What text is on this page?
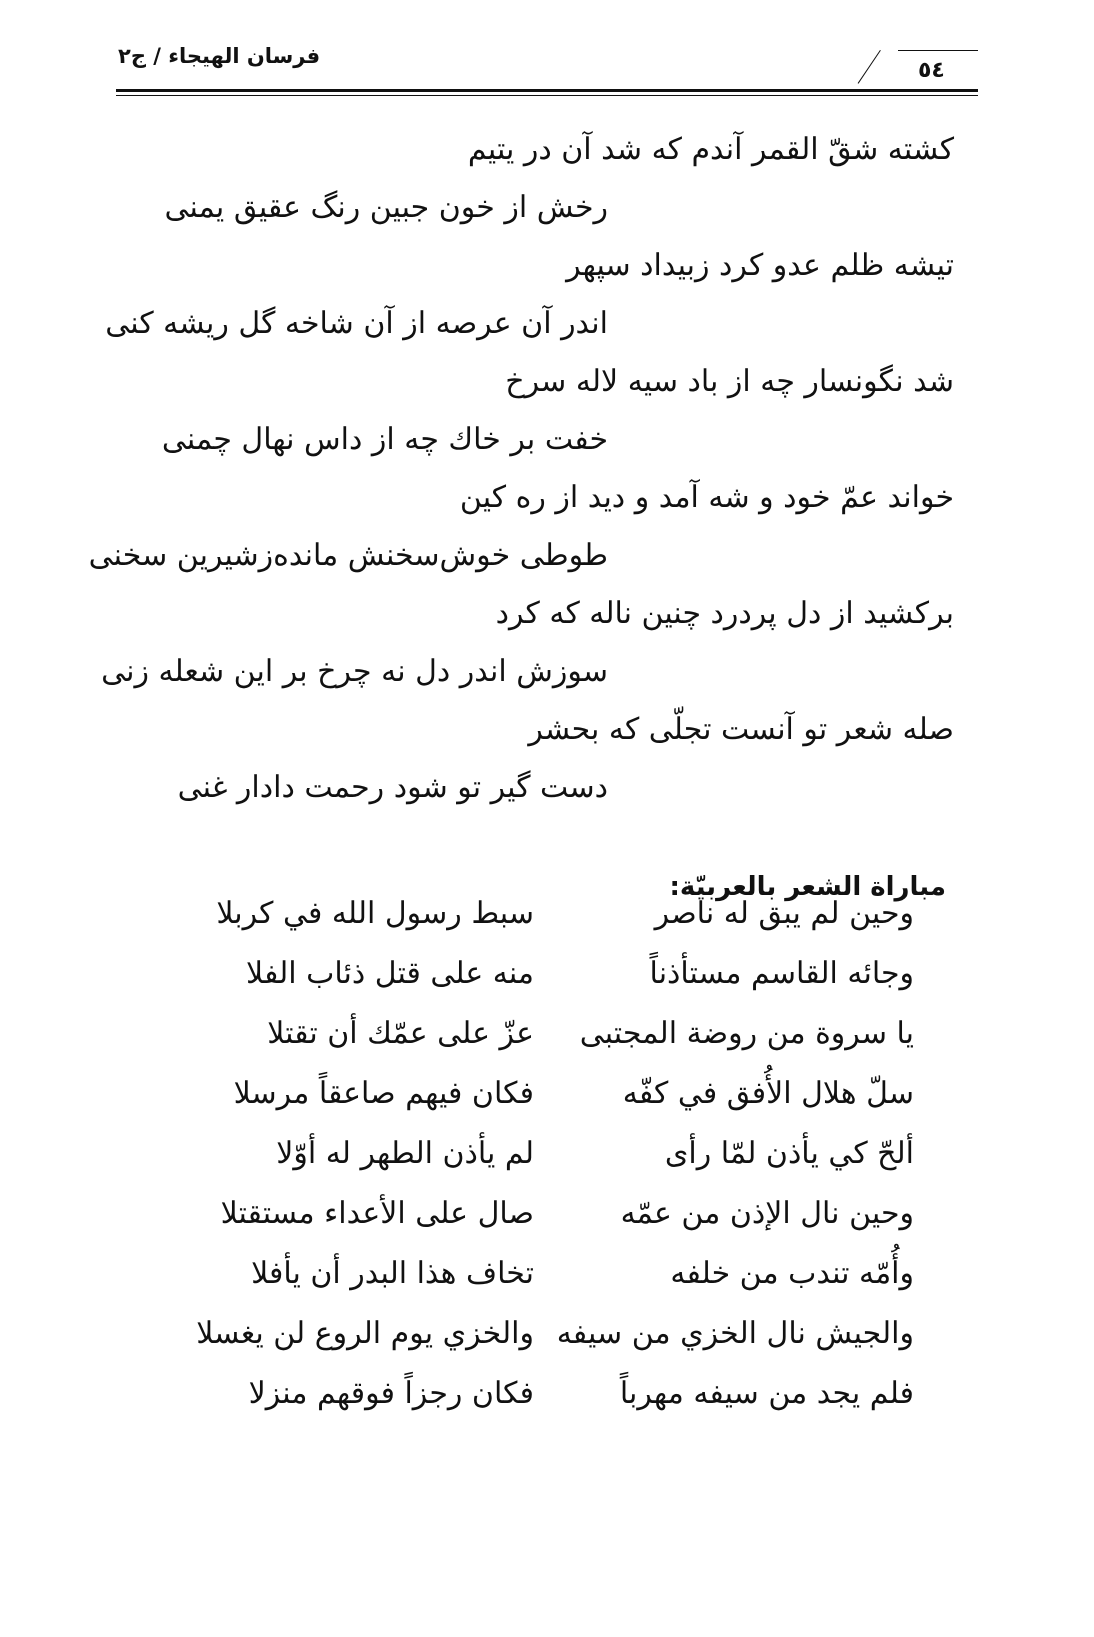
فرسان الهيجاء / ج٢
٥٤
كشته شقّ القمر آندم كه شد آن در يتيم
رخش از خون جبين رنگ عقيق يمنى
تيشه ظلم عدو كرد زبيداد سپهر
اندر آن عرصه از آن شاخه گل ريشه كنى
شد نگونسار چه از باد سيه لاله سرخ
خفت بر خاك چه از داس نهال چمنى
خواند عمّ خود و شه آمد و ديد از ره كين
طوطى خوش‌سخنش مانده‌زشيرين سخنى
بركشيد از دل پردرد چنين ناله كه كرد
سوزش اندر دل نه چرخ بر اين شعله زنى
صله شعر تو آنست تجلّى كه بحشر
دست گير تو شود رحمت دادار غنى
مباراة الشعر بالعربيّة:
وحين لم يبق له ناصر
سبط رسول الله في كربلا
وجائه القاسم مستأذناً
منه على قتل ذئاب الفلا
يا سروة من روضة المجتبى
عزّ على عمّك أن تقتلا
سلّ هلال الأُفق في كفّه
فكان فيهم صاعقاً مرسلا
ألحّ كي يأذن لمّا رأى
لم يأذن الطهر له أوّلا
وحين نال الإذن من عمّه
صال على الأعداء مستقتلا
وأُمّه تندب من خلفه
تخاف هذا البدر أن يأفلا
والجيش نال الخزي من سيفه
والخزي يوم الروع لن يغسلا
فلم يجد من سيفه مهرباً
فكان رجزاً فوقهم منزلا
